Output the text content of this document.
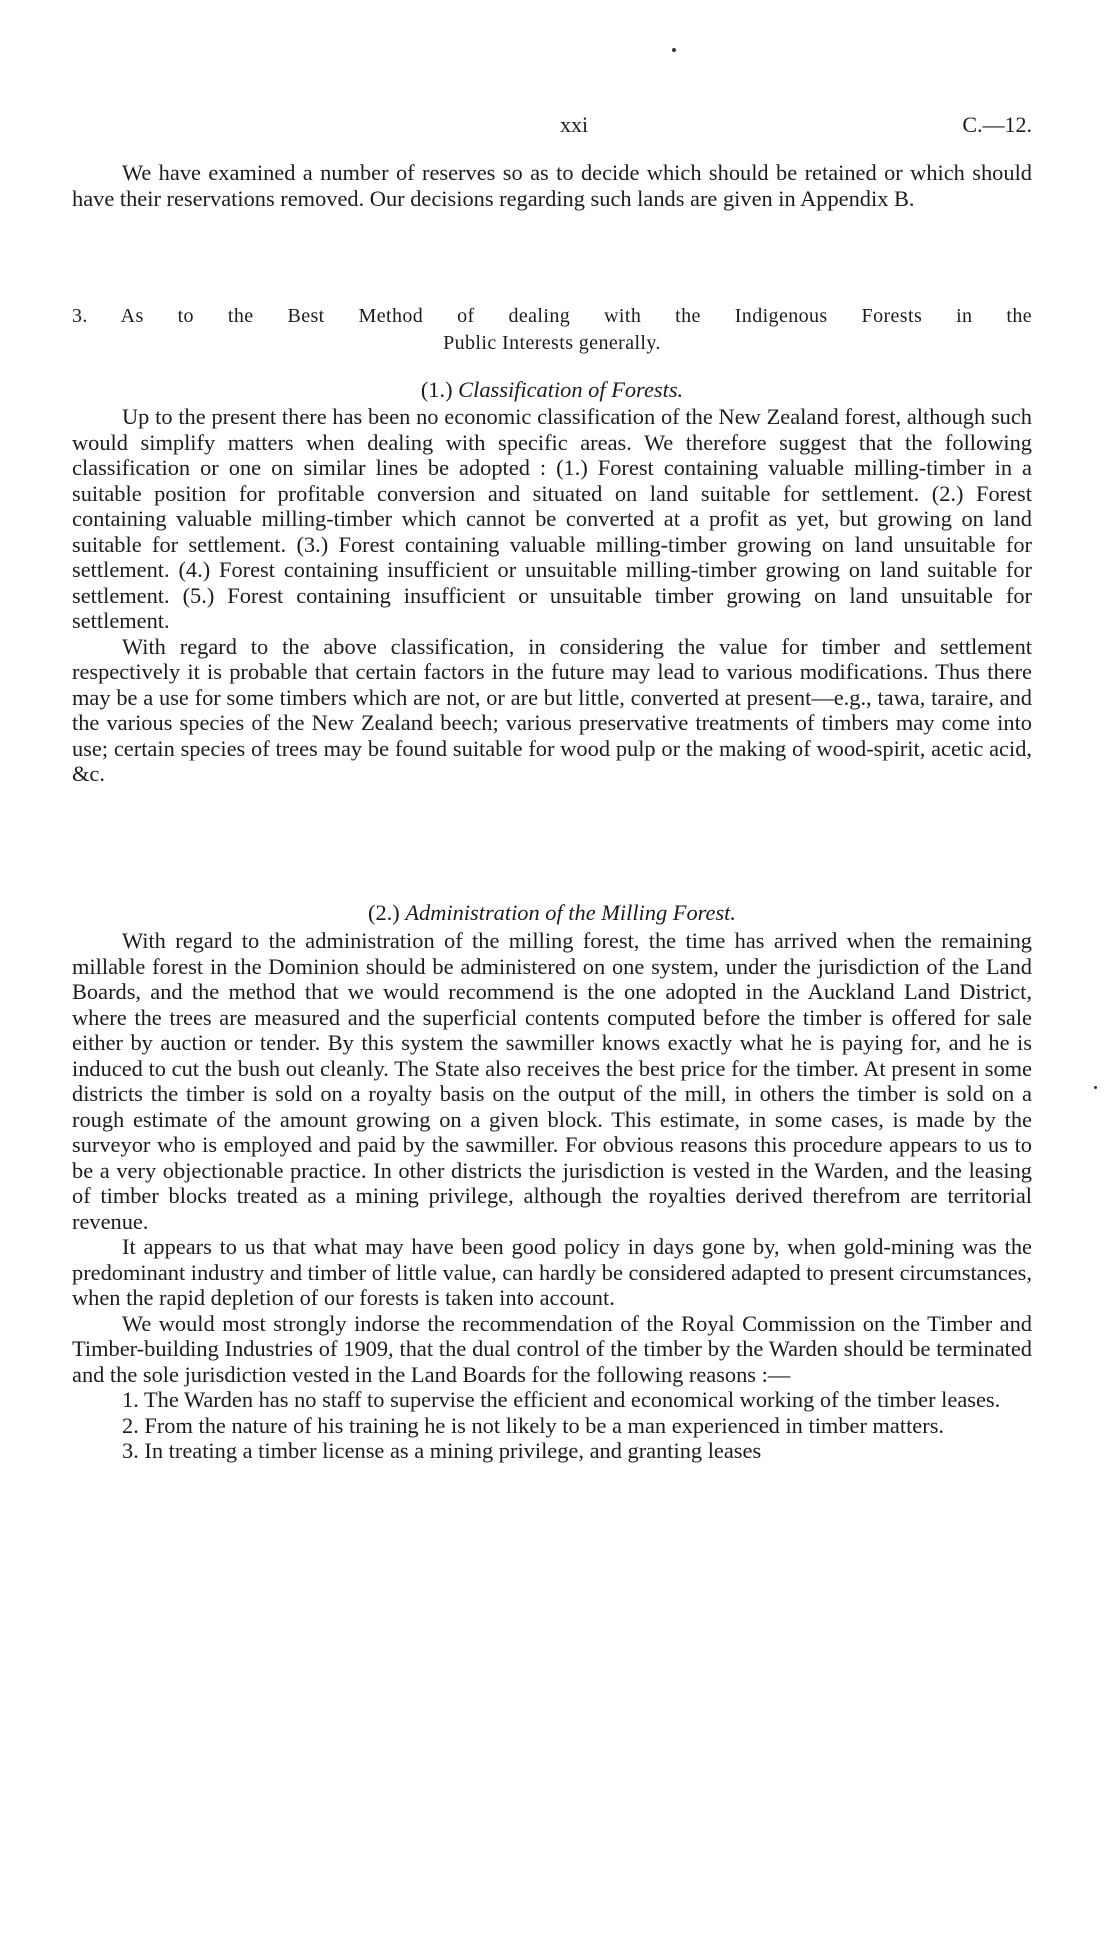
xxi	C.—12.

We have examined a number of reserves so as to decide which should be retained or which should have their reservations removed. Our decisions regarding such lands are given in Appendix B.

3. As to the Best Method of dealing with the Indigenous Forests in the
Public Interests generally.
(1.) Classification of Forests.

Up to the present there has been no economic classification of the New Zealand forest, although such would simplify matters when dealing with specific areas. We therefore suggest that the following classification or one on similar lines be adopted : (1.) Forest containing valuable milling-timber in a suitable position for profitable conversion and situated on land suitable for settlement. (2.) Forest containing valuable milling-timber which cannot be converted at a profit as yet, but growing on land suitable for settlement. (3.) Forest containing valuable milling-timber growing on land unsuitable for settlement. (4.) Forest containing insufficient or unsuitable milling-timber growing on land suitable for settlement. (5.) Forest containing insufficient or unsuitable timber growing on land unsuitable for settlement.

With regard to the above classification, in considering the value for timber and settlement respectively it is probable that certain factors in the future may lead to various modifications. Thus there may be a use for some timbers which are not, or are but little, converted at present—e.g., tawa, taraire, and the various species of the New Zealand beech; various preservative treatments of timbers may come into use; certain species of trees may be found suitable for wood pulp or the making of wood-spirit, acetic acid, &c.

(2.) Administration of the Milling Forest.

With regard to the administration of the milling forest, the time has arrived when the remaining millable forest in the Dominion should be administered on one system, under the jurisdiction of the Land Boards, and the method that we would recommend is the one adopted in the Auckland Land District, where the trees are measured and the superficial contents computed before the timber is offered for sale either by auction or tender. By this system the sawmiller knows exactly what he is paying for, and he is induced to cut the bush out cleanly. The State also receives the best price for the timber. At present in some districts the timber is sold on a royalty basis on the output of the mill, in others the timber is sold on a rough estimate of the amount growing on a given block. This estimate, in some cases, is made by the surveyor who is employed and paid by the sawmiller. For obvious reasons this procedure appears to us to be a very objectionable practice. In other districts the jurisdiction is vested in the Warden, and the leasing of timber blocks treated as a mining privilege, although the royalties derived therefrom are territorial revenue.

It appears to us that what may have been good policy in days gone by, when gold-mining was the predominant industry and timber of little value, can hardly be considered adapted to present circumstances, when the rapid depletion of our forests is taken into account.

We would most strongly indorse the recommendation of the Royal Commission on the Timber and Timber-building Industries of 1909, that the dual control of the timber by the Warden should be terminated and the sole jurisdiction vested in the Land Boards for the following reasons :—

1. The Warden has no staff to supervise the efficient and economical working of the timber leases.

2. From the nature of his training he is not likely to be a man experienced in timber matters.

3. In treating a timber license as a mining privilege, and granting leases
